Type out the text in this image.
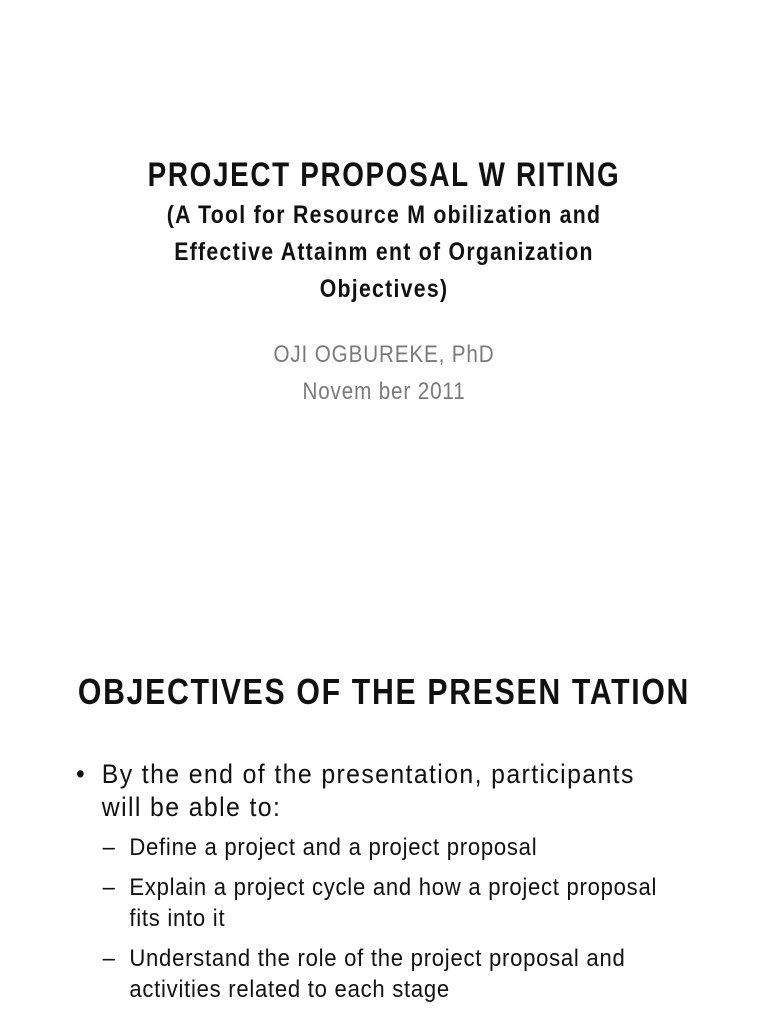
PROJECT PROPOSAL W RITING

(A Tool for Resource M obilization and

Effective Attainm ent of Organization

Objectives)

OJI OGBUREKE, PhD
Novem ber 2011
OBJECTIVES OF THE PRESEN TATION
• By the end of the presentation, participants
will be able to:
– Define a project and a project proposal
– Explain a project cycle and how a project proposal
fits into it
– Understand the role of the project proposal and
activities related to each stage
